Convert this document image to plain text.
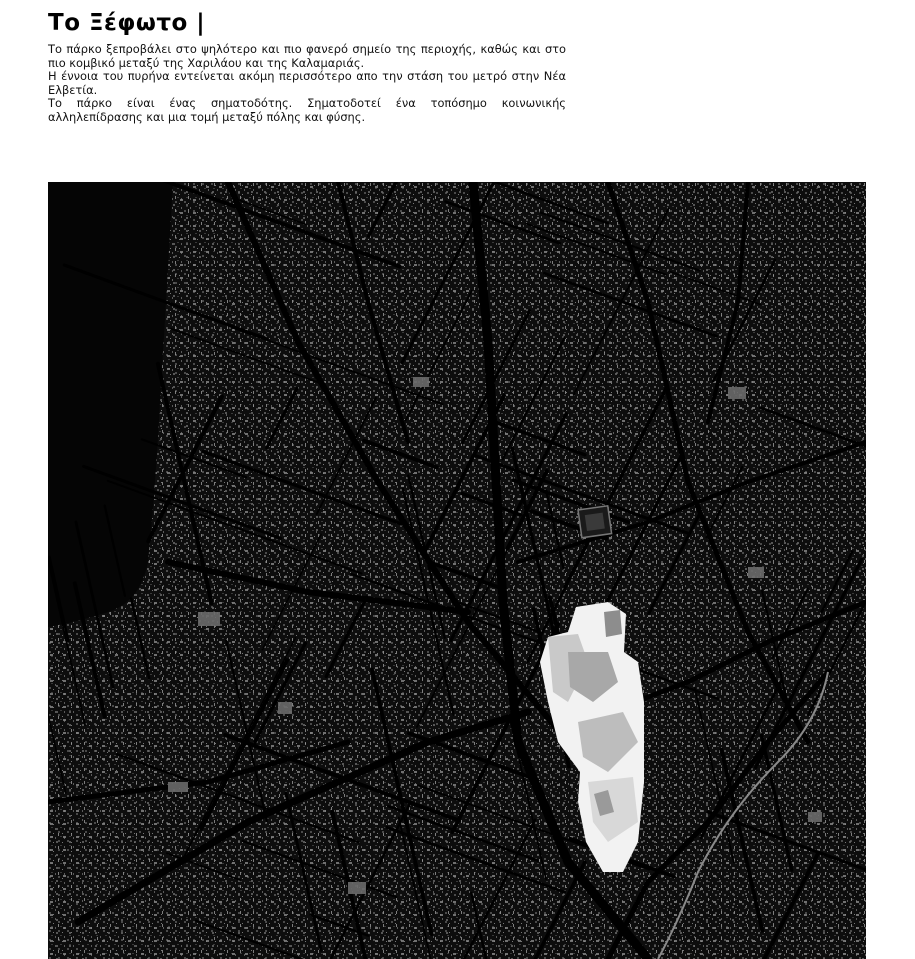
Το Ξέφωτο |

Το πάρκο ξεπροβάλει στο ψηλότερο και πιο φανερό σημείο της περιοχής, καθώς και στο πιο κομβικό μεταξύ της Χαριλάου και της Καλαμαριάς.

Η έννοια του πυρήνα εντείνεται ακόμη περισσότερο απο την στάση του μετρό στην Νέα Ελβετία.

Το πάρκο είναι ένας σηματοδότης. Σηματοδοτεί ένα τοπόσημο κοινωνικής αλληλεπίδρασης και μια τομή μεταξύ πόλης και φύσης.
